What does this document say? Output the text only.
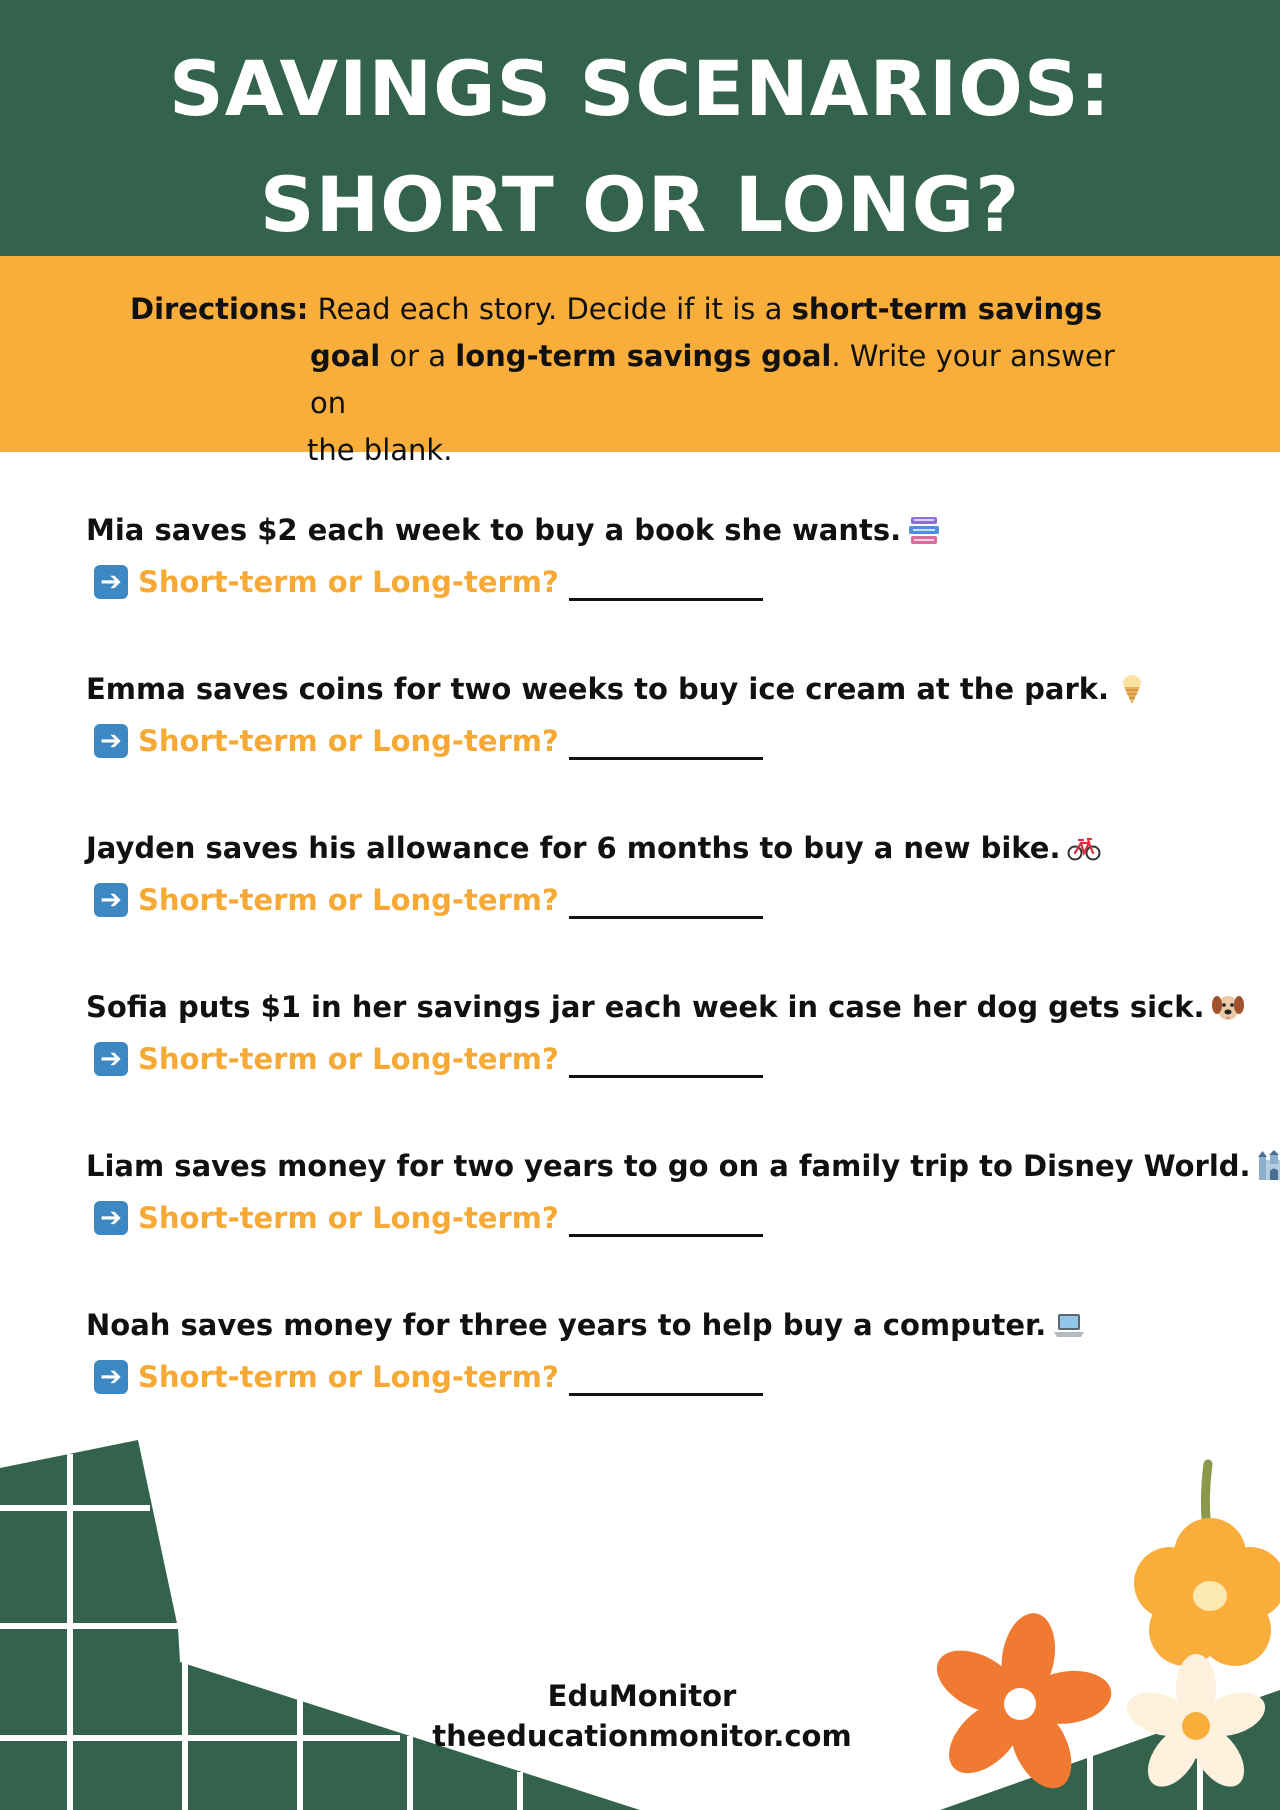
SAVINGS SCENARIOS:
SHORT OR LONG?
Directions: Read each story. Decide if it is a short-term savings
goal or a long-term savings goal. Write your answer on
the blank.
Mia saves $2 each week to buy a book she wants.
➔ Short-term or Long-term?
Emma saves coins for two weeks to buy ice cream at the park.
➔ Short-term or Long-term?
Jayden saves his allowance for 6 months to buy a new bike.
➔ Short-term or Long-term?
Sofia puts $1 in her savings jar each week in case her dog gets sick.
➔ Short-term or Long-term?
Liam saves money for two years to go on a family trip to Disney World.
➔ Short-term or Long-term?
Noah saves money for three years to help buy a computer.
➔ Short-term or Long-term?
EduMonitor
theeducationmonitor.com
